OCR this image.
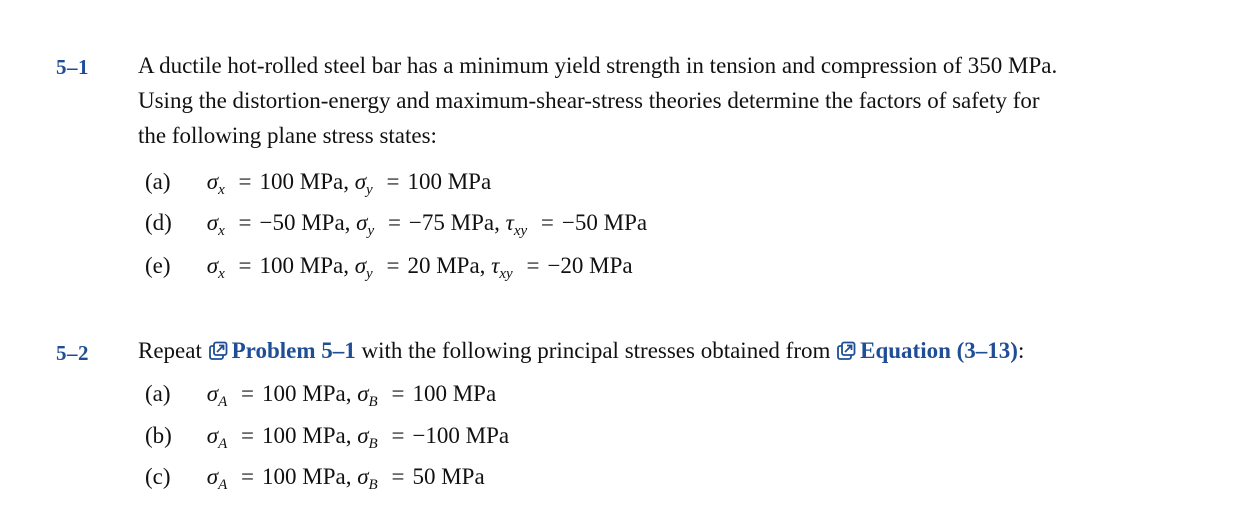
5–1 A ductile hot-rolled steel bar has a minimum yield strength in tension and compression of 350 MPa.
Using the distortion-energy and maximum-shear-stress theories determine the factors of safety for
the following plane stress states:
(a) $\sigma_x = 100$ MPa, $\sigma_y = 100$ MPa
(d) $\sigma_x = -50$ MPa, $\sigma_y = -75$ MPa, $\tau_{xy} = -50$ MPa
(e) $\sigma_x = 100$ MPa, $\sigma_y = 20$ MPa, $\tau_{xy} = -20$ MPa
5–2 Repeat Problem 5–1 with the following principal stresses obtained from Equation (3–13):
(a) $\sigma_A = 100$ MPa, $\sigma_B = 100$ MPa
(b) $\sigma_A = 100$ MPa, $\sigma_B = -100$ MPa
(c) $\sigma_A = 100$ MPa, $\sigma_B = 50$ MPa
